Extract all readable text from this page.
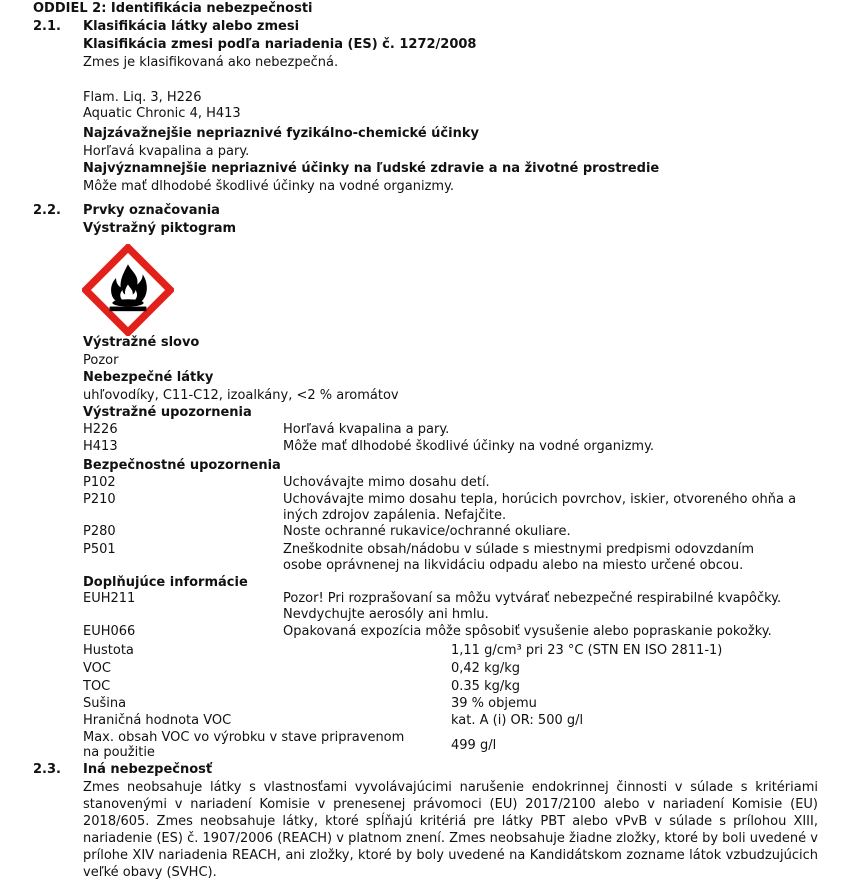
ODDIEL 2: Identifikácia nebezpečnosti
2.1. Klasifikácia látky alebo zmesi
Klasifikácia zmesi podľa nariadenia (ES) č. 1272/2008
Zmes je klasifikovaná ako nebezpečná.
Flam. Liq. 3, H226
Aquatic Chronic 4, H413
Najzávažnejšie nepriaznivé fyzikálno-chemické účinky
Horľavá kvapalina a pary.
Najvýznamnejšie nepriaznivé účinky na ľudské zdravie a na životné prostredie
Môže mať dlhodobé škodlivé účinky na vodné organizmy.
2.2. Prvky označovania
Výstražný piktogram
Výstražné slovo
Pozor
Nebezpečné látky
uhľovodíky, C11-C12, izoalkány, <2 % aromátov
Výstražné upozornenia
H226	Horľavá kvapalina a pary.
H413	Môže mať dlhodobé škodlivé účinky na vodné organizmy.
Bezpečnostné upozornenia
P102	Uchovávajte mimo dosahu detí.
P210	Uchovávajte mimo dosahu tepla, horúcich povrchov, iskier, otvoreného ohňa a iných zdrojov zapálenia. Nefajčite.
P280	Noste ochranné rukavice/ochranné okuliare.
P501	Zneškodnite obsah/nádobu v súlade s miestnymi predpismi odovzdaním osobe oprávnenej na likvidáciu odpadu alebo na miesto určené obcou.
Doplňujúce informácie
EUH211	Pozor! Pri rozprašovaní sa môžu vytvárať nebezpečné respirabilné kvapôčky. Nevdychujte aerosóly ani hmlu.
EUH066	Opakovaná expozícia môže spôsobiť vysušenie alebo popraskanie pokožky.
Hustota	1,11 g/cm³ pri 23 °C (STN EN ISO 2811-1)
VOC	0,42 kg/kg
TOC	0.35 kg/kg
Sušina	39 % objemu
Hraničná hodnota VOC	kat. A (i) OR: 500 g/l
Max. obsah VOC vo výrobku v stave pripravenom na použitie	499 g/l
2.3. Iná nebezpečnosť
Zmes neobsahuje látky s vlastnosťami vyvolávajúcimi narušenie endokrinnej činnosti v súlade s kritériami stanovenými v nariadení Komisie v prenesenej právomoci (EU) 2017/2100 alebo v nariadení Komisie (EU) 2018/605. Zmes neobsahuje látky, ktoré spĺňajú kritériá pre látky PBT alebo vPvB v súlade s prílohou XIII, nariadenie (ES) č. 1907/2006 (REACH) v platnom znení. Zmes neobsahuje žiadne zložky, ktoré by boli uvedené v prílohe XIV nariadenia REACH, ani zložky, ktoré by boly uvedené na Kandidátskom zozname látok vzbudzujúcich veľké obavy (SVHC).
